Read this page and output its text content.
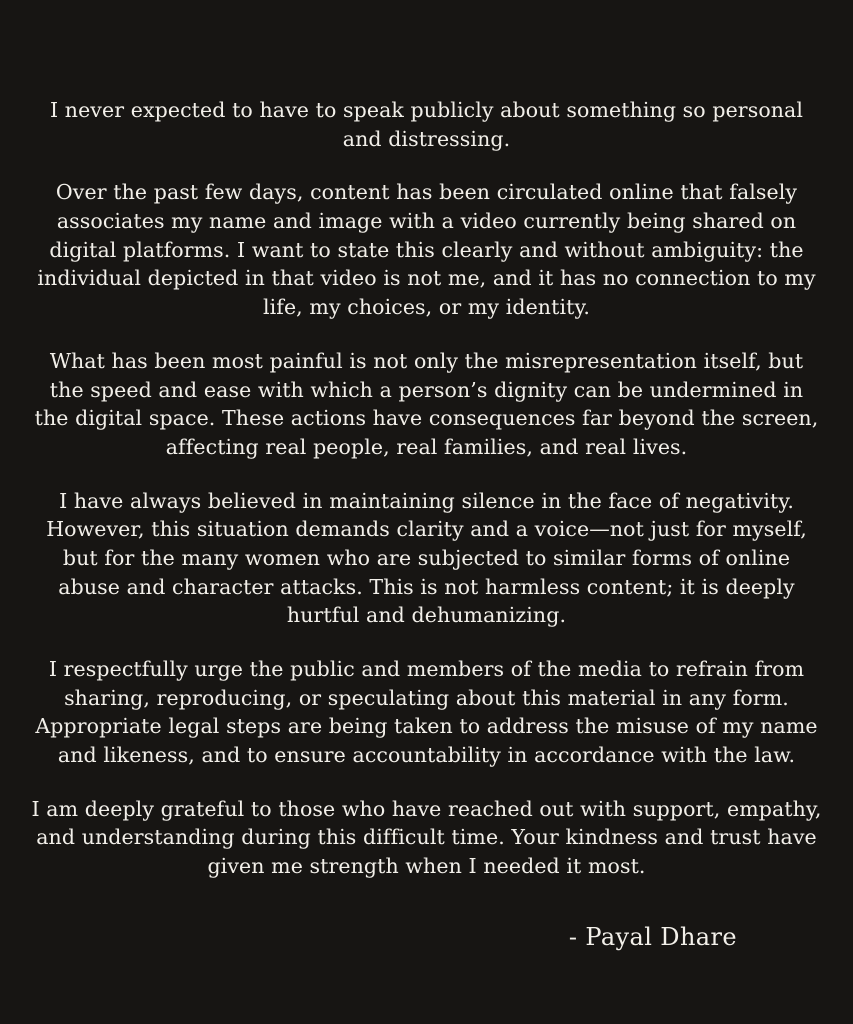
I never expected to have to speak publicly about something so personal and distressing.

Over the past few days, content has been circulated online that falsely associates my name and image with a video currently being shared on digital platforms. I want to state this clearly and without ambiguity: the individual depicted in that video is not me, and it has no connection to my life, my choices, or my identity.

What has been most painful is not only the misrepresentation itself, but the speed and ease with which a person’s dignity can be undermined in the digital space. These actions have consequences far beyond the screen, affecting real people, real families, and real lives.

I have always believed in maintaining silence in the face of negativity. However, this situation demands clarity and a voice—not just for myself, but for the many women who are subjected to similar forms of online abuse and character attacks. This is not harmless content; it is deeply hurtful and dehumanizing.

I respectfully urge the public and members of the media to refrain from sharing, reproducing, or speculating about this material in any form. Appropriate legal steps are being taken to address the misuse of my name and likeness, and to ensure accountability in accordance with the law.

I am deeply grateful to those who have reached out with support, empathy, and understanding during this difficult time. Your kindness and trust have given me strength when I needed it most.

- Payal Dhare
